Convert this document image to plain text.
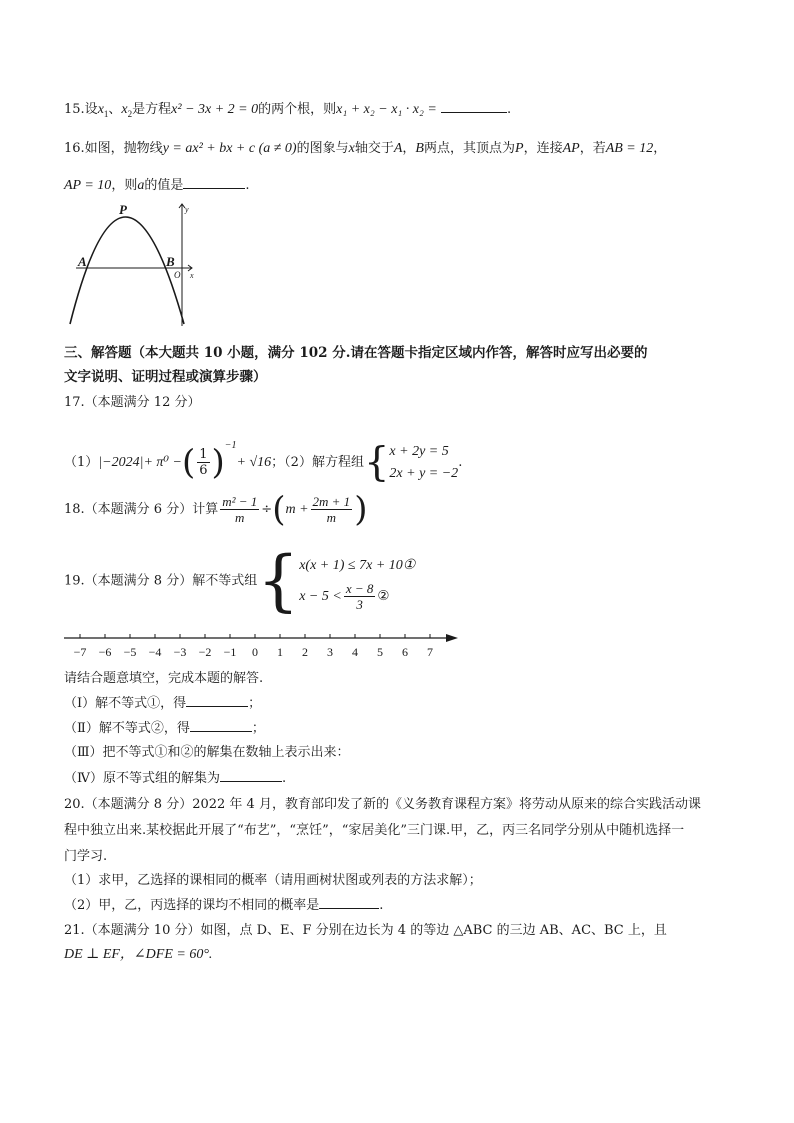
15.设$x_1$、$x_2$是方程x² − 3x + 2 = 0的两个根，则x₁ + x₂ − x₁ · x₂ =	.
16.如图，抛物线y = ax² + bx + c (a ≠ 0)的图象与x轴交于A，B两点，其顶点为P，连接AP，若AB = 12，
AP = 10，则a的值是	.
P
A	B
O x
y
三、解答题（本大题共 10 小题，满分 102 分.请在答题卡指定区域内作答，解答时应写出必要的
文字说明、证明过程或演算步骤）
17.（本题满分 12 分）
（1）|−2024|+ π⁰ −( $\frac{1}{6} )^{-1}+ √16$；（2）解方程组{ x + 2y = 5
2x + y = −2
.
18.（本题满分 6 分）计算 $\frac{\text{m² − 1}}{m} \div(m + \frac{2m + 1}{m}$ )
19.（本题满分 8 分）解不等式组{ x(x + 1) ≤ 7x + 10①
$x - 5 < \frac{x - 8}{3}$ ②
−7 −6 −5 −4 −3 −2 −1 0 1 2 3 4 5 6 7
请结合题意填空，完成本题的解答.
（Ⅰ）解不等式①，得	；
（Ⅱ）解不等式②，得	；
（Ⅲ）把不等式①和②的解集在数轴上表示出来：
（Ⅳ）原不等式组的解集为	.
20.（本题满分 8 分）2022 年 4 月，教育部印发了新的《义务教育课程方案》将劳动从原来的综合实践活动课
程中独立出来.某校据此开展了“布艺”，“烹饪”，“家居美化”三门课.甲，乙，丙三名同学分别从中随机选择一
门学习.
（1）求甲，乙选择的课相同的概率（请用画树状图或列表的方法求解）；
（2）甲，乙，丙选择的课均不相同的概率是	.
21.（本题满分 10 分）如图，点 D、E、F 分别在边长为 4 的等边 △ABC 的三边 AB、AC、BC 上，且
DE ⊥ EF，∠DFE = 60°.
